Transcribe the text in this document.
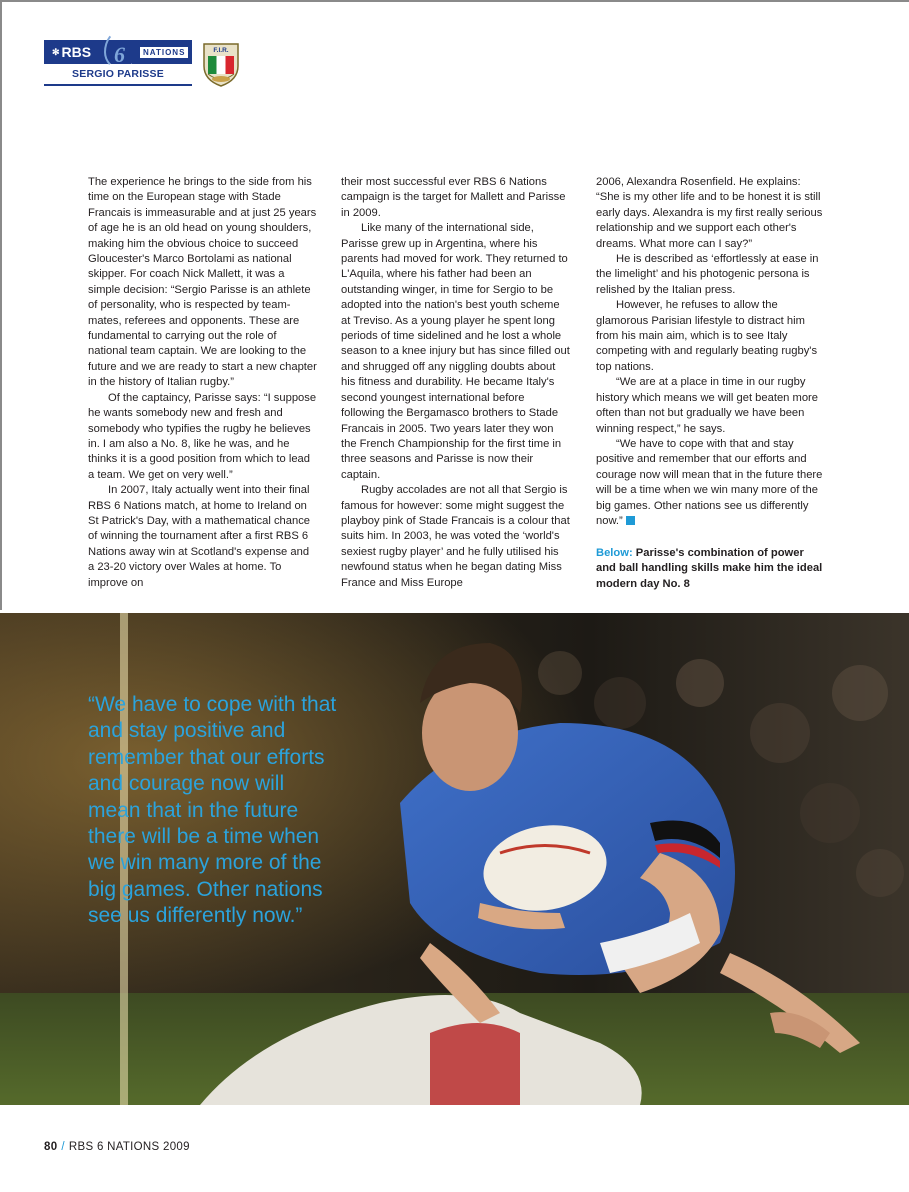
✻ RBS 6	NATIONS
SERGIO PARISSE
F.I.R.

The experience he brings to the side from his time on the European stage with Stade Francais is immeasurable and at just 25 years of age he is an old head on young shoulders, making him the obvious choice to succeed Gloucester's Marco Bortolami as national skipper. For coach Nick Mallett, it was a simple decision: “Sergio Parisse is an athlete of personality, who is respected by team-mates, referees and opponents. These are fundamental to carrying out the role of national team captain. We are looking to the future and we are ready to start a new chapter in the history of Italian rugby.”

Of the captaincy, Parisse says: “I suppose he wants somebody new and fresh and somebody who typifies the rugby he believes in. I am also a No. 8, like he was, and he thinks it is a good position from which to lead a team. We get on very well.”

In 2007, Italy actually went into their final RBS 6 Nations match, at home to Ireland on St Patrick's Day, with a mathematical chance of winning the tournament after a first RBS 6 Nations away win at Scotland's expense and a 23-20 victory over Wales at home. To improve on

their most successful ever RBS 6 Nations campaign is the target for Mallett and Parisse in 2009.

Like many of the international side, Parisse grew up in Argentina, where his parents had moved for work. They returned to L'Aquila, where his father had been an outstanding winger, in time for Sergio to be adopted into the nation's best youth scheme at Treviso. As a young player he spent long periods of time sidelined and he lost a whole season to a knee injury but has since filled out and shrugged off any niggling doubts about his fitness and durability. He became Italy's second youngest international before following the Bergamasco brothers to Stade Francais in 2005. Two years later they won the French Championship for the first time in three seasons and Parisse is now their captain.

Rugby accolades are not all that Sergio is famous for however: some might suggest the playboy pink of Stade Francais is a colour that suits him. In 2003, he was voted the ‘world's sexiest rugby player’ and he fully utilised his newfound status when he began dating Miss France and Miss Europe

2006, Alexandra Rosenfield. He explains: “She is my other life and to be honest it is still early days. Alexandra is my first really serious relationship and we support each other's dreams. What more can I say?”

He is described as ‘effortlessly at ease in the limelight’ and his photogenic persona is relished by the Italian press.

However, he refuses to allow the glamorous Parisian lifestyle to distract him from his main aim, which is to see Italy competing with and regularly beating rugby's top nations.

“We are at a place in time in our rugby history which means we will get beaten more often than not but gradually we have been winning respect,” he says.

“We have to cope with that and stay positive and remember that our efforts and courage now will mean that in the future there will be a time when we win many more of the big games. Other nations see us differently now.”

Below: Parisse's combination of power and ball handling skills make him the ideal modern day No. 8
“We have to cope with that and stay positive and remember that our efforts and courage now will mean that in the future there will be a time when we win many more of the big games. Other nations see us differently now.”
80 / RBS 6 NATIONS 2009
